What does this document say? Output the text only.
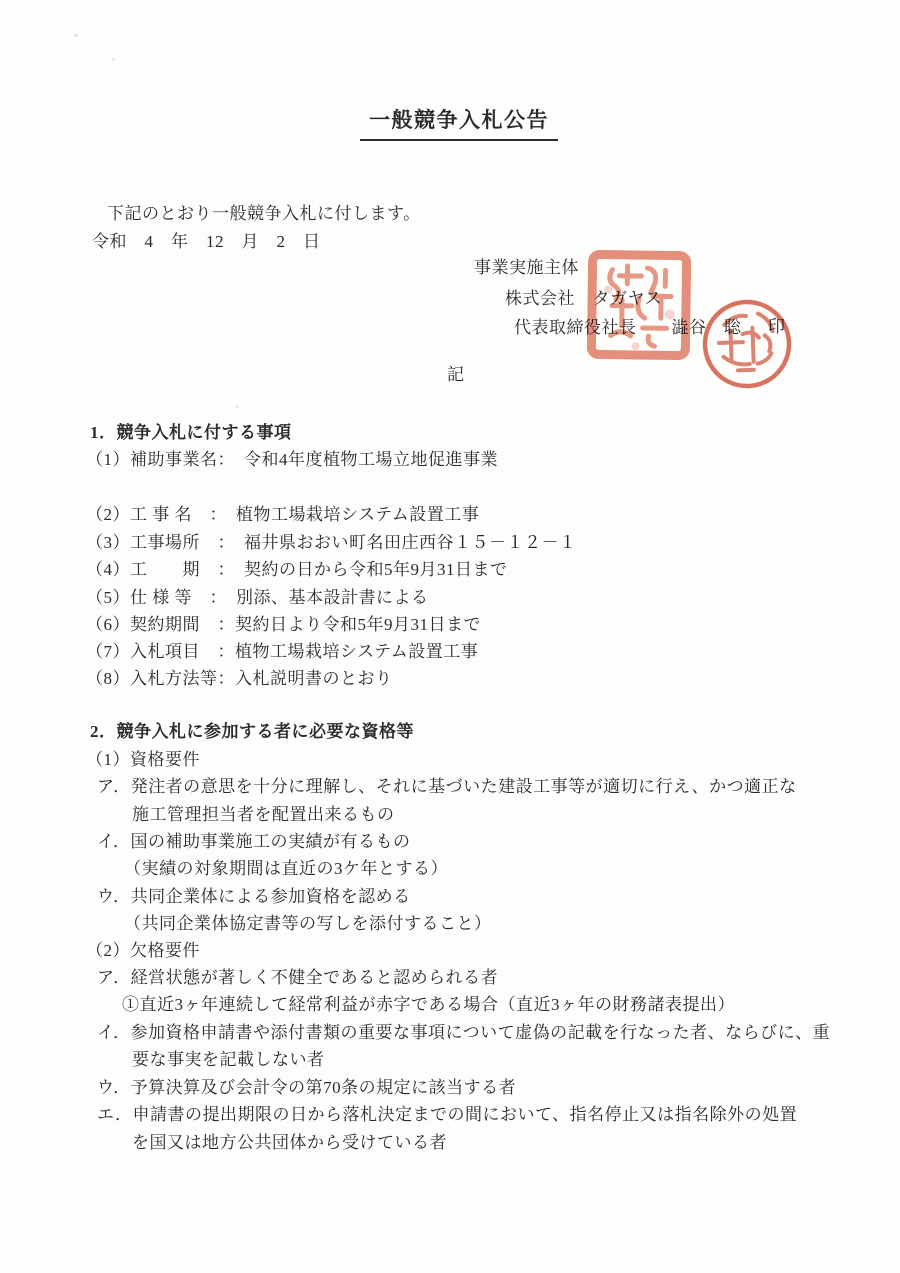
一般競争入札公告
下記のとおり一般競争入札に付します。
令和　4　年　12　月　2　日
事業実施主体
株式会社　タガヤス
代表取締役社長　　澁谷　聡 印
記
1．競争入札に付する事項
（1）補助事業名：　令和4年度植物工場立地促進事業
（2）工 事 名　：　植物工場栽培システム設置工事
（3）工事場所　：　福井県おおい町名田庄西谷１５－１２－１
（4）工　　期　：　契約の日から令和5年9月31日まで
（5）仕 様 等　：　別添、基本設計書による
（6）契約期間　：契約日より令和5年9月31日まで
（7）入札項目　：植物工場栽培システム設置工事
（8）入札方法等：入札説明書のとおり
2．競争入札に参加する者に必要な資格等
（1）資格要件
ア．発注者の意思を十分に理解し、それに基づいた建設工事等が適切に行え、かつ適正な
施工管理担当者を配置出来るもの
イ．国の補助事業施工の実績が有るもの
（実績の対象期間は直近の3ケ年とする）
ウ．共同企業体による参加資格を認める
（共同企業体協定書等の写しを添付すること）
（2）欠格要件
ア．経営状態が著しく不健全であると認められる者
①直近3ヶ年連続して経常利益が赤字である場合（直近3ヶ年の財務諸表提出）
イ．参加資格申請書や添付書類の重要な事項について虚偽の記載を行なった者、ならびに、重
要な事実を記載しない者
ウ．予算決算及び会計令の第70条の規定に該当する者
エ．申請書の提出期限の日から落札決定までの間において、指名停止又は指名除外の処置
を国又は地方公共団体から受けている者
